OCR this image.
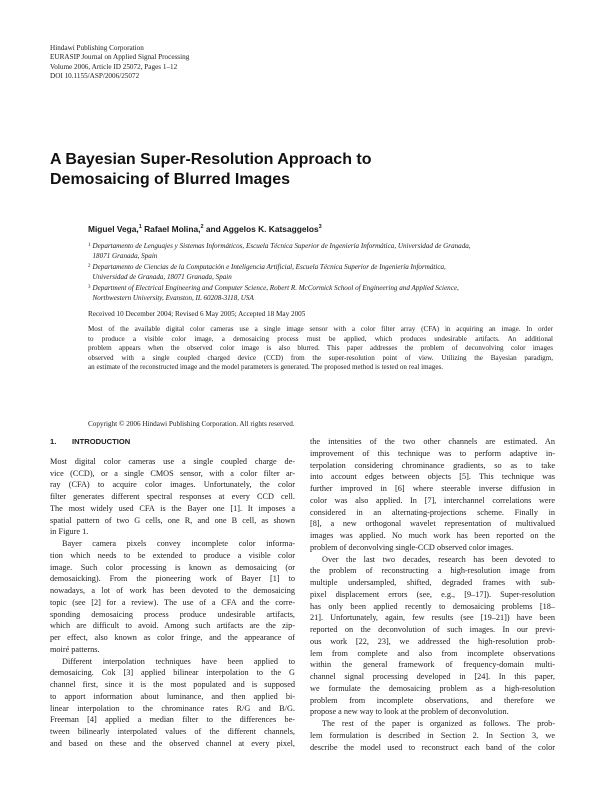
Hindawi Publishing Corporation
EURASIP Journal on Applied Signal Processing
Volume 2006, Article ID 25072, Pages 1–12
DOI 10.1155/ASP/2006/25072
A Bayesian Super-Resolution Approach to
Demosaicing of Blurred Images
Miguel Vega,$^1$ Rafael Molina,$^2$ and Aggelos K. Katsaggelos$^3$
1 Departamento de Lenguajes y Sistemas Informáticos, Escuela Técnica Superior de Ingeniería Informática, Universidad de Granada,
18071 Granada, Spain
2 Departamento de Ciencias de la Computación e Inteligencia Artificial, Escuela Técnica Superior de Ingeniería Informática,
Universidad de Granada, 18071 Granada, Spain
3 Department of Electrical Engineering and Computer Science, Robert R. McCormick School of Engineering and Applied Science,
Northwestern University, Evanston, IL 60208-3118, USA
Received 10 December 2004; Revised 6 May 2005; Accepted 18 May 2005
Most of the available digital color cameras use a single image sensor with a color filter array (CFA) in acquiring an image. In order
to produce a visible color image, a demosaicing process must be applied, which produces undesirable artifacts. An additional
problem appears when the observed color image is also blurred. This paper addresses the problem of deconvolving color images
observed with a single coupled charged device (CCD) from the super-resolution point of view. Utilizing the Bayesian paradigm,
an estimate of the reconstructed image and the model parameters is generated. The proposed method is tested on real images.
Copyright © 2006 Hindawi Publishing Corporation. All rights reserved.
1. INTRODUCTION
Most digital color cameras use a single coupled charge de-
vice (CCD), or a single CMOS sensor, with a color filter ar-
ray (CFA) to acquire color images. Unfortunately, the color
filter generates different spectral responses at every CCD cell.
The most widely used CFA is the Bayer one [1]. It imposes a
spatial pattern of two G cells, one R, and one B cell, as shown
in Figure 1.
Bayer camera pixels convey incomplete color informa-
tion which needs to be extended to produce a visible color
image. Such color processing is known as demosaicing (or
demosaicking). From the pioneering work of Bayer [1] to
nowadays, a lot of work has been devoted to the demosaicing
topic (see [2] for a review). The use of a CFA and the corre-
sponding demosaicing process produce undesirable artifacts,
which are difficult to avoid. Among such artifacts are the zip-
per effect, also known as color fringe, and the appearance of
moiré patterns.
Different interpolation techniques have been applied to
demosaicing. Cok [3] applied bilinear interpolation to the G
channel first, since it is the most populated and is supposed
to apport information about luminance, and then applied bi-
linear interpolation to the chrominance rates R/G and B/G.
Freeman [4] applied a median filter to the differences be-
tween bilinearly interpolated values of the different channels,
and based on these and the observed channel at every pixel,
the intensities of the two other channels are estimated. An
improvement of this technique was to perform adaptive in-
terpolation considering chrominance gradients, so as to take
into account edges between objects [5]. This technique was
further improved in [6] where steerable inverse diffusion in
color was also applied. In [7], interchannel correlations were
considered in an alternating-projections scheme. Finally in
[8], a new orthogonal wavelet representation of multivalued
images was applied. No much work has been reported on the
problem of deconvolving single-CCD observed color images.
Over the last two decades, research has been devoted to
the problem of reconstructing a high-resolution image from
multiple undersampled, shifted, degraded frames with sub-
pixel displacement errors (see, e.g., [9–17]). Super-resolution
has only been applied recently to demosaicing problems [18–
21]. Unfortunately, again, few results (see [19–21]) have been
reported on the deconvolution of such images. In our previ-
ous work [22, 23], we addressed the high-resolution prob-
lem from complete and also from incomplete observations
within the general framework of frequency-domain multi-
channel signal processing developed in [24]. In this paper,
we formulate the demosaicing problem as a high-resolution
problem from incomplete observations, and therefore we
propose a new way to look at the problem of deconvolution.
The rest of the paper is organized as follows. The prob-
lem formulation is described in Section 2. In Section 3, we
describe the model used to reconstruct each band of the color
